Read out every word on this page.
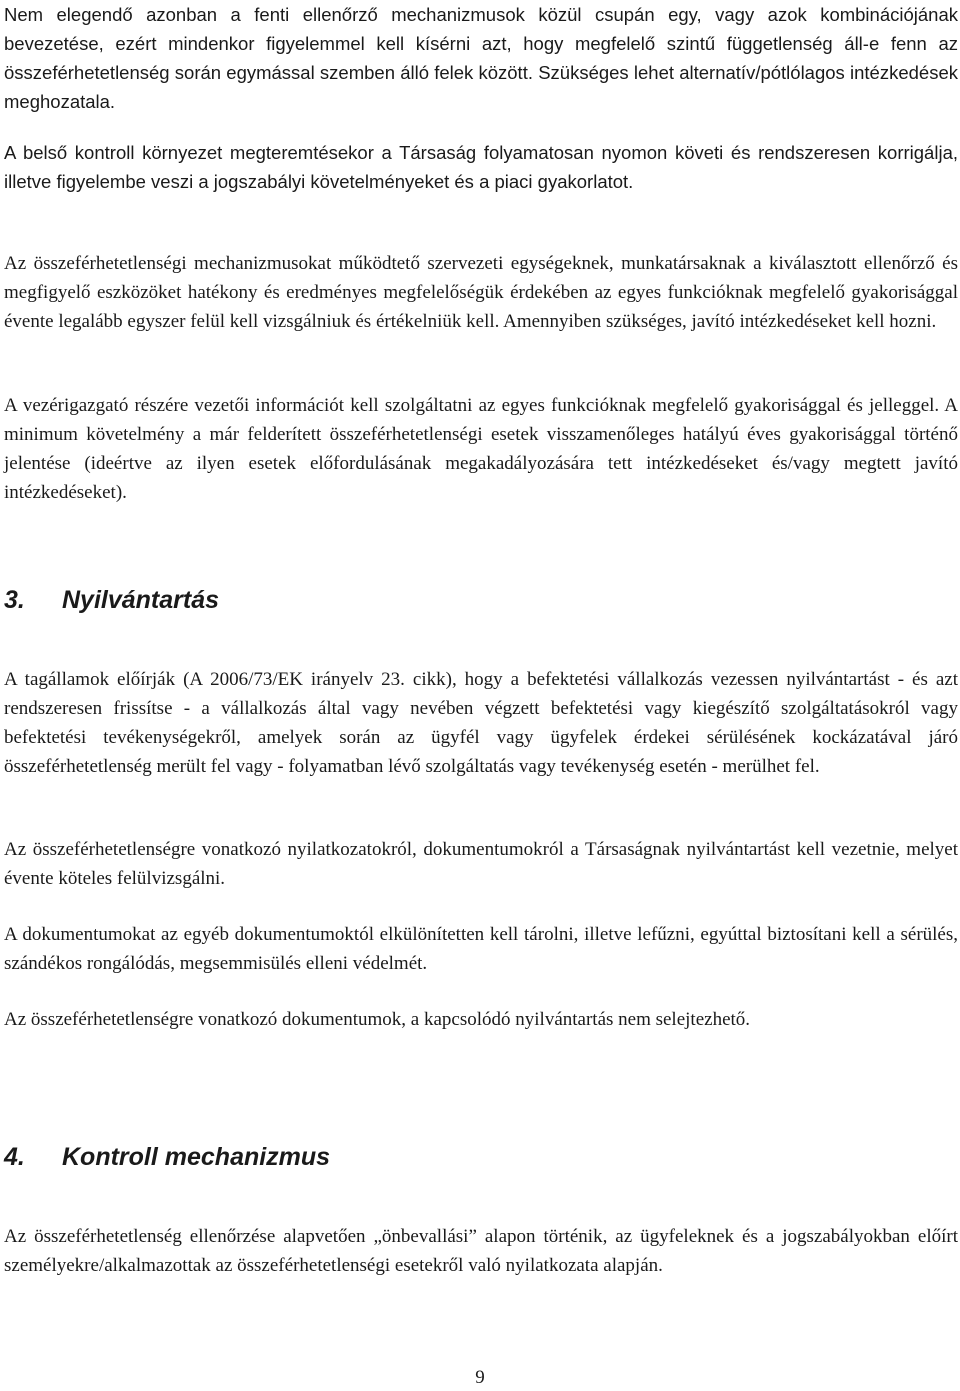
Nem elegendő azonban a fenti ellenőrző mechanizmusok közül csupán egy, vagy azok kombinációjának bevezetése, ezért mindenkor figyelemmel kell kísérni azt, hogy megfelelő szintű függetlenség áll-e fenn az összeférhetetlenség során egymással szemben álló felek között. Szükséges lehet alternatív/pótlólagos intézkedések meghozatala.

A belső kontroll környezet megteremtésekor a Társaság folyamatosan nyomon követi és rendszeresen korrigálja, illetve figyelembe veszi a jogszabályi követelményeket és a piaci gyakorlatot.

Az összeférhetetlenségi mechanizmusokat működtető szervezeti egységeknek, munkatársaknak a kiválasztott ellenőrző és megfigyelő eszközöket hatékony és eredményes megfelelőségük érdekében az egyes funkcióknak megfelelő gyakorisággal évente legalább egyszer felül kell vizsgálniuk és értékelniük kell. Amennyiben szükséges, javító intézkedéseket kell hozni.

A vezérigazgató részére vezetői információt kell szolgáltatni az egyes funkcióknak megfelelő gyakorisággal és jelleggel. A minimum követelmény a már felderített összeférhetetlenségi esetek visszamenőleges hatályú éves gyakorisággal történő jelentése (ideértve az ilyen esetek előfordulásának megakadályozására tett intézkedéseket és/vagy megtett javító intézkedéseket).

3.	Nyilvántartás

A tagállamok előírják (A 2006/73/EK irányelv 23. cikk), hogy a befektetési vállalkozás vezessen nyilvántartást - és azt rendszeresen frissítse - a vállalkozás által vagy nevében végzett befektetési vagy kiegészítő szolgáltatásokról vagy befektetési tevékenységekről, amelyek során az ügyfél vagy ügyfelek érdekei sérülésének kockázatával járó összeférhetetlenség merült fel vagy - folyamatban lévő szolgáltatás vagy tevékenység esetén - merülhet fel.

Az összeférhetetlenségre vonatkozó nyilatkozatokról, dokumentumokról a Társaságnak nyilvántartást kell vezetnie, melyet évente köteles felülvizsgálni.

A dokumentumokat az egyéb dokumentumoktól elkülönítetten kell tárolni, illetve lefűzni, egyúttal biztosítani kell a sérülés, szándékos rongálódás, megsemmisülés elleni védelmét.

Az összeférhetetlenségre vonatkozó dokumentumok, a kapcsolódó nyilvántartás nem selejtezhető.

4.	Kontroll mechanizmus

Az összeférhetetlenség ellenőrzése alapvetően „önbevallási” alapon történik, az ügyfeleknek és a jogszabályokban előírt személyekre/alkalmazottak az összeférhetetlenségi esetekről való nyilatkozata alapján.

9
